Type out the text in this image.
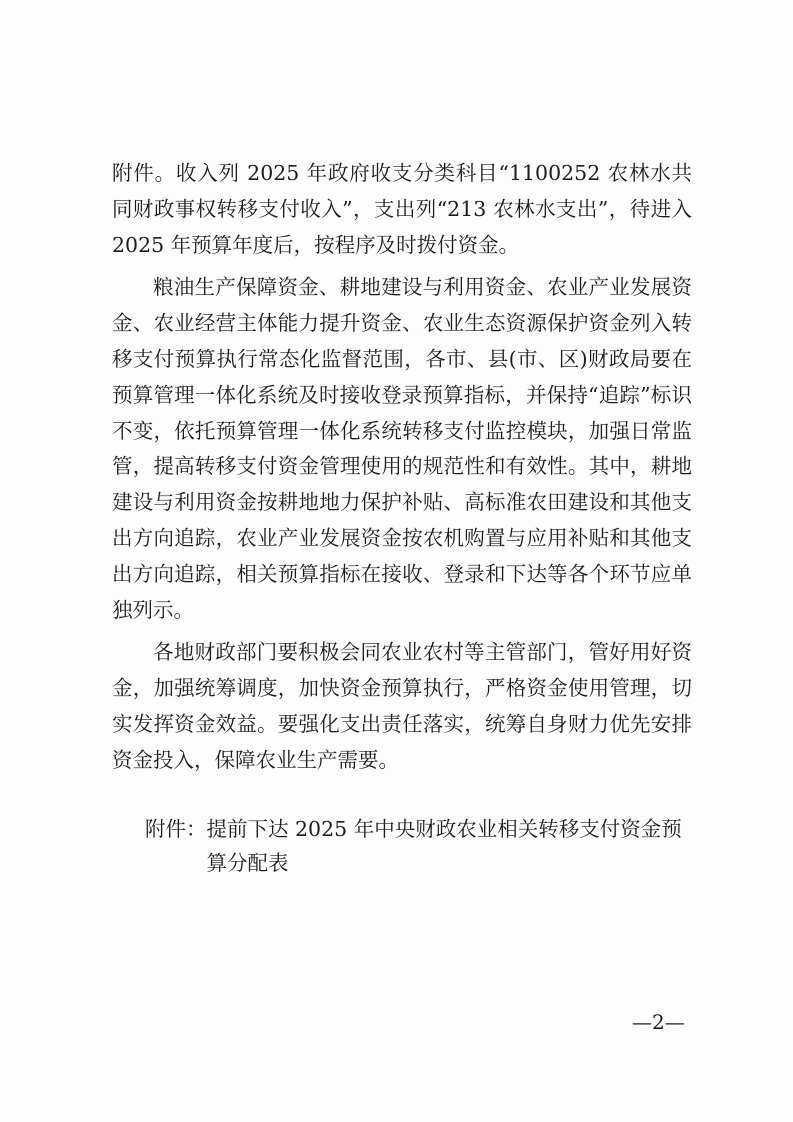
附件。收入列 2025 年政府收支分类科目“1100252 农林水共同财政事权转移支付收入”，支出列“213 农林水支出”，待进入 2025 年预算年度后，按程序及时拨付资金。

粮油生产保障资金、耕地建设与利用资金、农业产业发展资金、农业经营主体能力提升资金、农业生态资源保护资金列入转移支付预算执行常态化监督范围，各市、县(市、区)财政局要在预算管理一体化系统及时接收登录预算指标，并保持“追踪”标识不变，依托预算管理一体化系统转移支付监控模块，加强日常监管，提高转移支付资金管理使用的规范性和有效性。其中，耕地建设与利用资金按耕地地力保护补贴、高标准农田建设和其他支出方向追踪，农业产业发展资金按农机购置与应用补贴和其他支出方向追踪，相关预算指标在接收、登录和下达等各个环节应单独列示。

各地财政部门要积极会同农业农村等主管部门，管好用好资金，加强统筹调度，加快资金预算执行，严格资金使用管理，切实发挥资金效益。要强化支出责任落实，统筹自身财力优先安排资金投入，保障农业生产需要。

附件： 提前下达 2025 年中央财政农业相关转移支付资金预算分配表
—2—
